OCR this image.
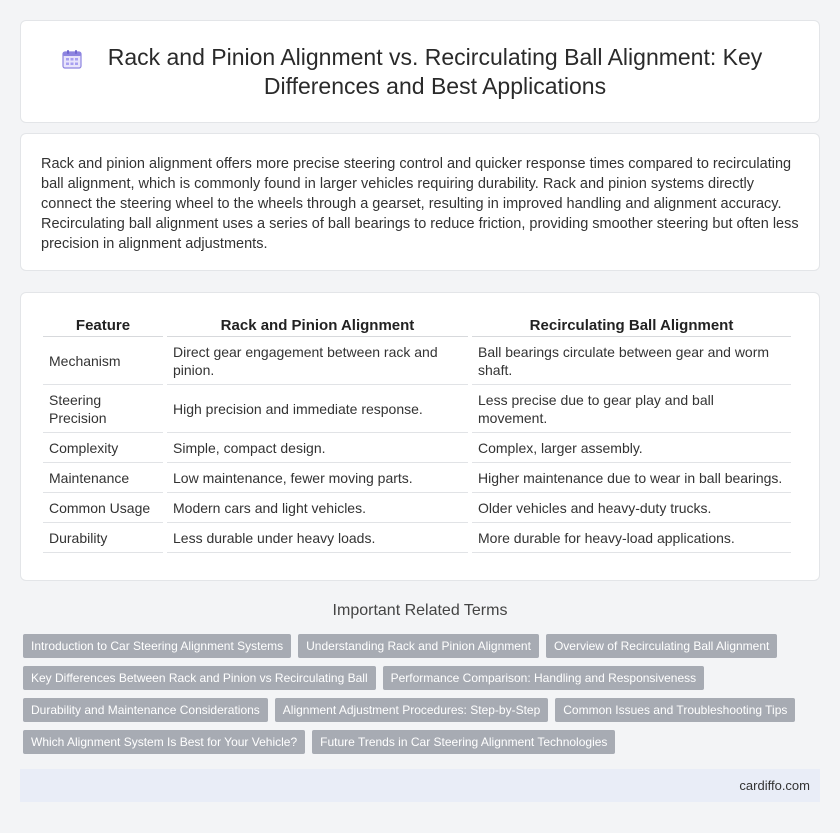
Rack and Pinion Alignment vs. Recirculating Ball Alignment: Key Differences and Best Applications

Rack and pinion alignment offers more precise steering control and quicker response times compared to recirculating ball alignment, which is commonly found in larger vehicles requiring durability. Rack and pinion systems directly connect the steering wheel to the wheels through a gearset, resulting in improved handling and alignment accuracy. Recirculating ball alignment uses a series of ball bearings to reduce friction, providing smoother steering but often less precision in alignment adjustments.

Feature	Rack and Pinion Alignment	Recirculating Ball Alignment
Mechanism	Direct gear engagement between rack and pinion.	Ball bearings circulate between gear and worm shaft.
Steering Precision	High precision and immediate response.	Less precise due to gear play and ball movement.
Complexity	Simple, compact design.	Complex, larger assembly.
Maintenance	Low maintenance, fewer moving parts.	Higher maintenance due to wear in ball bearings.
Common Usage	Modern cars and light vehicles.	Older vehicles and heavy-duty trucks.
Durability	Less durable under heavy loads.	More durable for heavy-load applications.
Important Related Terms
Introduction to Car Steering Alignment Systems	Understanding Rack and Pinion Alignment	Overview of Recirculating Ball Alignment
Key Differences Between Rack and Pinion vs Recirculating Ball	Performance Comparison: Handling and Responsiveness
Durability and Maintenance Considerations	Alignment Adjustment Procedures: Step-by-Step	Common Issues and Troubleshooting Tips
Which Alignment System Is Best for Your Vehicle?	Future Trends in Car Steering Alignment Technologies
cardiffo.com
